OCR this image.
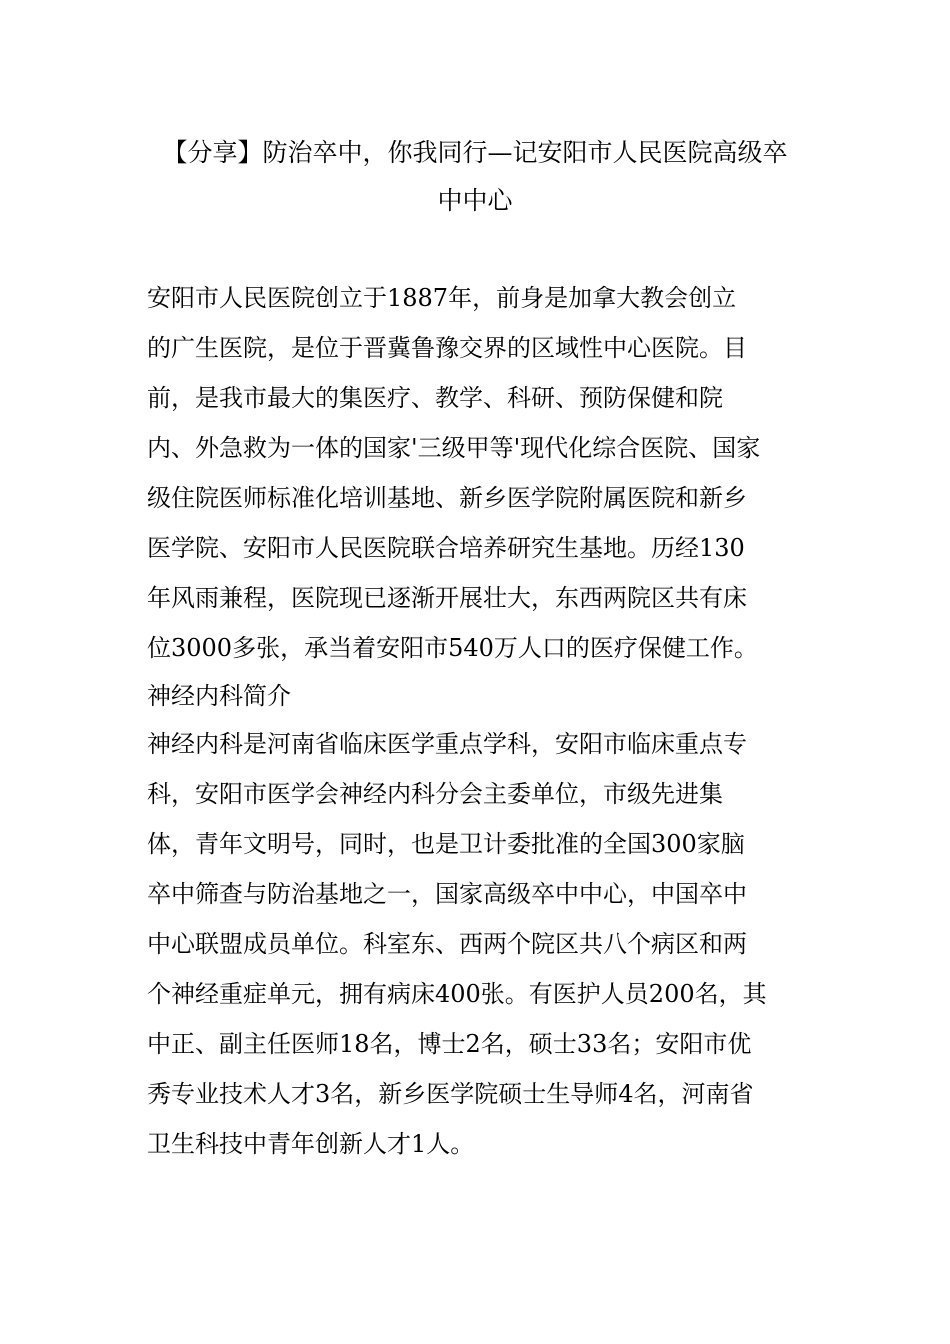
【分享】防治卒中，你我同行—记安阳市人民医院高级卒
中中心
安阳市人民医院创立于1887年，前身是加拿大教会创立
的广生医院，是位于晋冀鲁豫交界的区域性中心医院。目
前，是我市最大的集医疗、教学、科研、预防保健和院
内、外急救为一体的国家'三级甲等'现代化综合医院、国家
级住院医师标准化培训基地、新乡医学院附属医院和新乡
医学院、安阳市人民医院联合培养研究生基地。历经130
年风雨兼程，医院现已逐渐开展壮大，东西两院区共有床
位3000多张，承当着安阳市540万人口的医疗保健工作。
神经内科简介
神经内科是河南省临床医学重点学科，安阳市临床重点专
科，安阳市医学会神经内科分会主委单位，市级先进集
体，青年文明号，同时，也是卫计委批准的全国300家脑
卒中筛查与防治基地之一，国家高级卒中中心，中国卒中
中心联盟成员单位。科室东、西两个院区共八个病区和两
个神经重症单元，拥有病床400张。有医护人员200名，其
中正、副主任医师18名，博士2名，硕士33名；安阳市优
秀专业技术人才3名，新乡医学院硕士生导师4名，河南省
卫生科技中青年创新人才1人。
